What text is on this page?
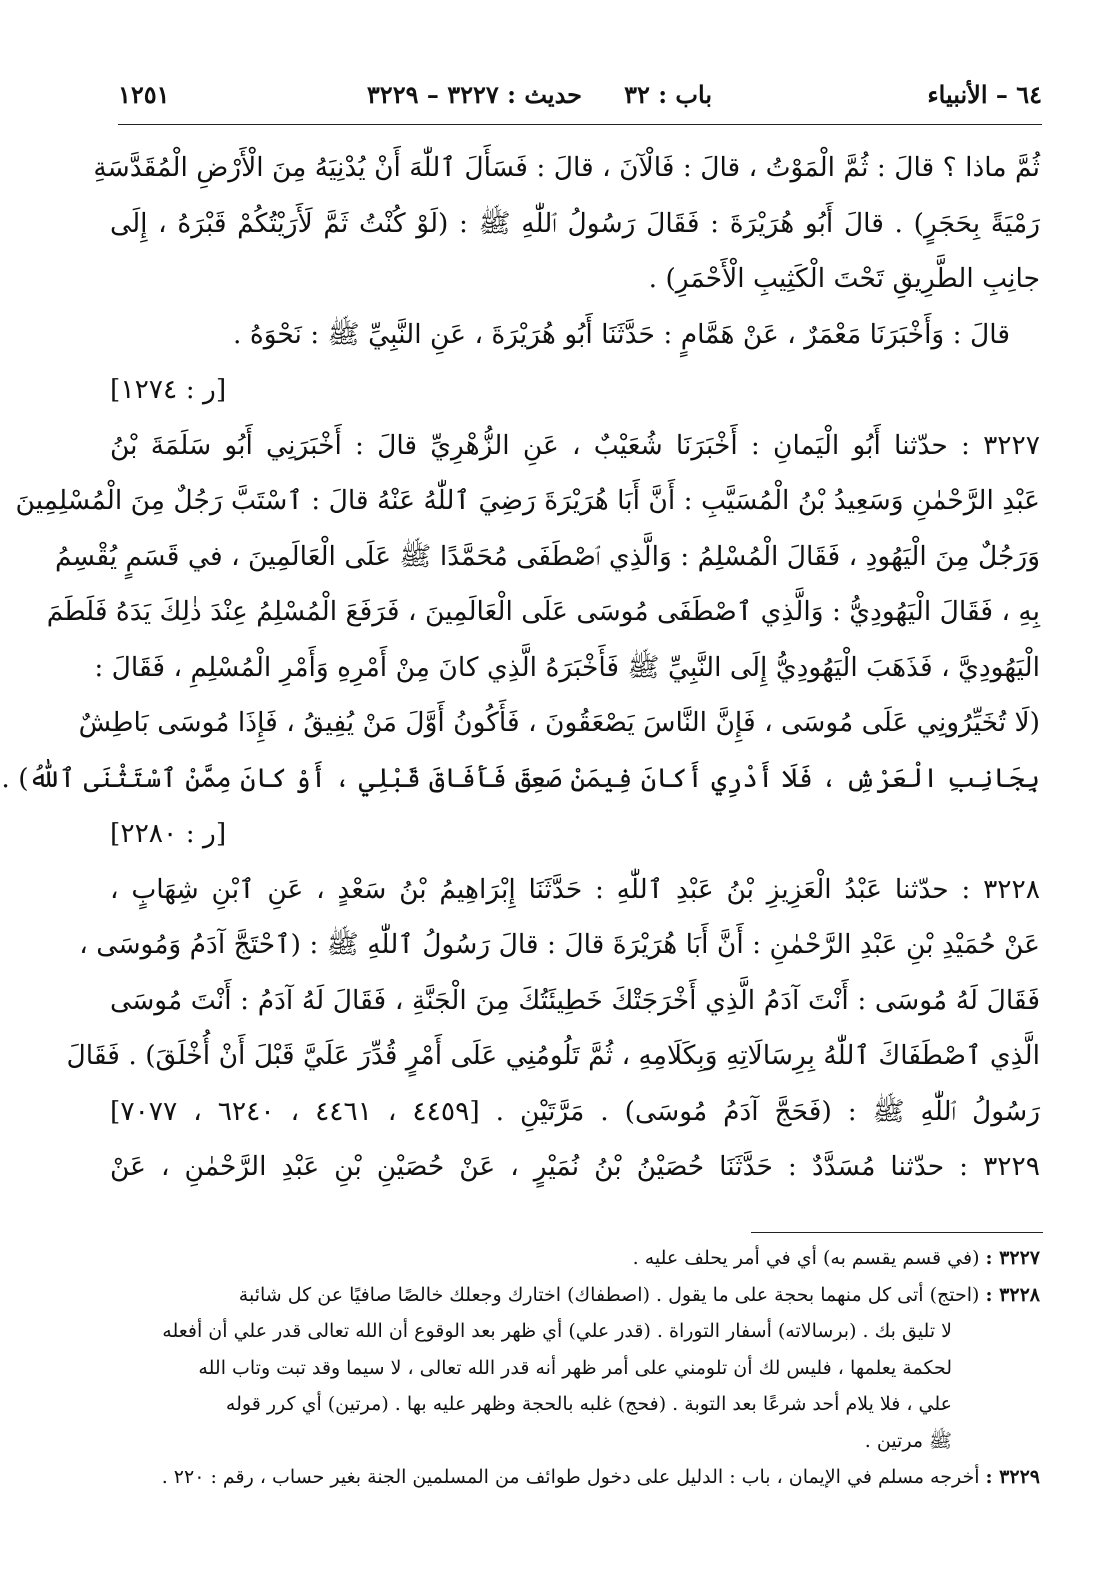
٦٤ – الأنبياء
باب : ٣٢
حديث : ٣٢٢٧ – ٣٢٢٩
١٢٥١
ثُمَّ ماذا ؟ قالَ : ثُمَّ الْمَوْتُ ، قالَ : فَالْآنَ ، قالَ : فَسَأَلَ ٱللّٰهَ أَنْ يُدْنِيَهُ مِنَ الْأَرْضِ الْمُقَدَّسَةِ
رَمْيَةً بِحَجَرٍ) . قالَ أَبُو هُرَيْرَةَ : فَقَالَ رَسُولُ ٱللّٰهِ ﷺ : (لَوْ كُنْتُ ثَمَّ لَأَرَيْتُكُمْ قَبْرَهُ ، إِلَى
جانِبِ الطَّرِيقِ تَحْتَ الْكَثِيبِ الْأَحْمَرِ) .
قالَ : وَأَخْبَرَنَا مَعْمَرٌ ، عَنْ هَمَّامٍ : حَدَّثَنَا أَبُو هُرَيْرَةَ ، عَنِ النَّبِيِّ ﷺ : نَحْوَهُ .
[ر : ١٢٧٤]
٣٢٢٧ : حدّثنا أَبُو الْيَمانِ : أَخْبَرَنَا شُعَيْبٌ ، عَنِ الزُّهْرِيِّ قالَ : أَخْبَرَنِي أَبُو سَلَمَةَ بْنُ
عَبْدِ الرَّحْمٰنِ وَسَعِيدُ بْنُ الْمُسَيَّبِ : أَنَّ أَبَا هُرَيْرَةَ رَضِيَ ٱللّٰهُ عَنْهُ قالَ : ٱسْتَبَّ رَجُلٌ مِنَ الْمُسْلِمِينَ
وَرَجُلٌ مِنَ الْيَهُودِ ، فَقَالَ الْمُسْلِمُ : وَالَّذِي ٱصْطَفَى مُحَمَّدًا ﷺ عَلَى الْعَالَمِينَ ، في قَسَمٍ يُقْسِمُ
بِهِ ، فَقَالَ الْيَهُودِيُّ : وَالَّذِي ٱصْطَفَى مُوسَى عَلَى الْعَالَمِينَ ، فَرَفَعَ الْمُسْلِمُ عِنْدَ ذٰلِكَ يَدَهُ فَلَطَمَ
الْيَهُودِيَّ ، فَذَهَبَ الْيَهُودِيُّ إِلَى النَّبِيِّ ﷺ فَأَخْبَرَهُ الَّذِي كانَ مِنْ أَمْرِهِ وَأَمْرِ الْمُسْلِمِ ، فَقَالَ :
(لَا تُخَيِّرُونِي عَلَى مُوسَى ، فَإِنَّ النَّاسَ يَصْعَقُونَ ، فَأَكُونُ أَوَّلَ مَنْ يُفِيقُ ، فَإِذَا مُوسَى بَاطِشٌ
بِجَانِبِ الْعَرْشِ ، فَلَا أَدْرِي أَكانَ فِيمَنْ صَعِقَ فَأَفَاقَ قَبْلِي ، أَوْ كانَ مِمَّنْ ٱسْتَثْنَى ٱللّٰهُ) .
[ر : ٢٢٨٠]
٣٢٢٨ : حدّثنا عَبْدُ الْعَزِيزِ بْنُ عَبْدِ ٱللّٰهِ : حَدَّثَنَا إِبْرَاهِيمُ بْنُ سَعْدٍ ، عَنِ ٱبْنِ شِهَابٍ ،
عَنْ حُمَيْدِ بْنِ عَبْدِ الرَّحْمٰنِ : أَنَّ أَبَا هُرَيْرَةَ قالَ : قالَ رَسُولُ ٱللّٰهِ ﷺ : (ٱحْتَجَّ آدَمُ وَمُوسَى ،
فَقَالَ لَهُ مُوسَى : أَنْتَ آدَمُ الَّذِي أَخْرَجَتْكَ خَطِيئَتُكَ مِنَ الْجَنَّةِ ، فَقَالَ لَهُ آدَمُ : أَنْتَ مُوسَى
الَّذِي ٱصْطَفَاكَ ٱللّٰهُ بِرِسَالَاتِهِ وَبِكَلَامِهِ ، ثُمَّ تَلُومُنِي عَلَى أَمْرٍ قُدِّرَ عَلَيَّ قَبْلَ أَنْ أُخْلَقَ) . فَقَالَ
رَسُولُ ٱللّٰهِ ﷺ : (فَحَجَّ آدَمُ مُوسَى) . مَرَّتَيْنِ . [٤٤٥٩ ، ٤٤٦١ ، ٦٢٤٠ ، ٧٠٧٧]
٣٢٢٩ : حدّثنا مُسَدَّدٌ : حَدَّثَنَا حُصَيْنُ بْنُ نُمَيْرٍ ، عَنْ حُصَيْنِ بْنِ عَبْدِ الرَّحْمٰنِ ، عَنْ
٣٢٢٧ : (في قسم يقسم به) أي في أمر يحلف عليه .
٣٢٢٨ : (احتج) أتى كل منهما بحجة على ما يقول . (اصطفاك) اختارك وجعلك خالصًا صافيًا عن كل شائبة
لا تليق بك . (برسالاته) أسفار التوراة . (قدر علي) أي ظهر بعد الوقوع أن الله تعالى قدر علي أن أفعله
لحكمة يعلمها ، فليس لك أن تلومني على أمر ظهر أنه قدر الله تعالى ، لا سيما وقد تبت وتاب الله
علي ، فلا يلام أحد شرعًا بعد التوبة . (فحج) غلبه بالحجة وظهر عليه بها . (مرتين) أي كرر قوله
ﷺ مرتين .
٣٢٢٩ : أخرجه مسلم في الإيمان ، باب : الدليل على دخول طوائف من المسلمين الجنة بغير حساب ، رقم : ٢٢٠ .
